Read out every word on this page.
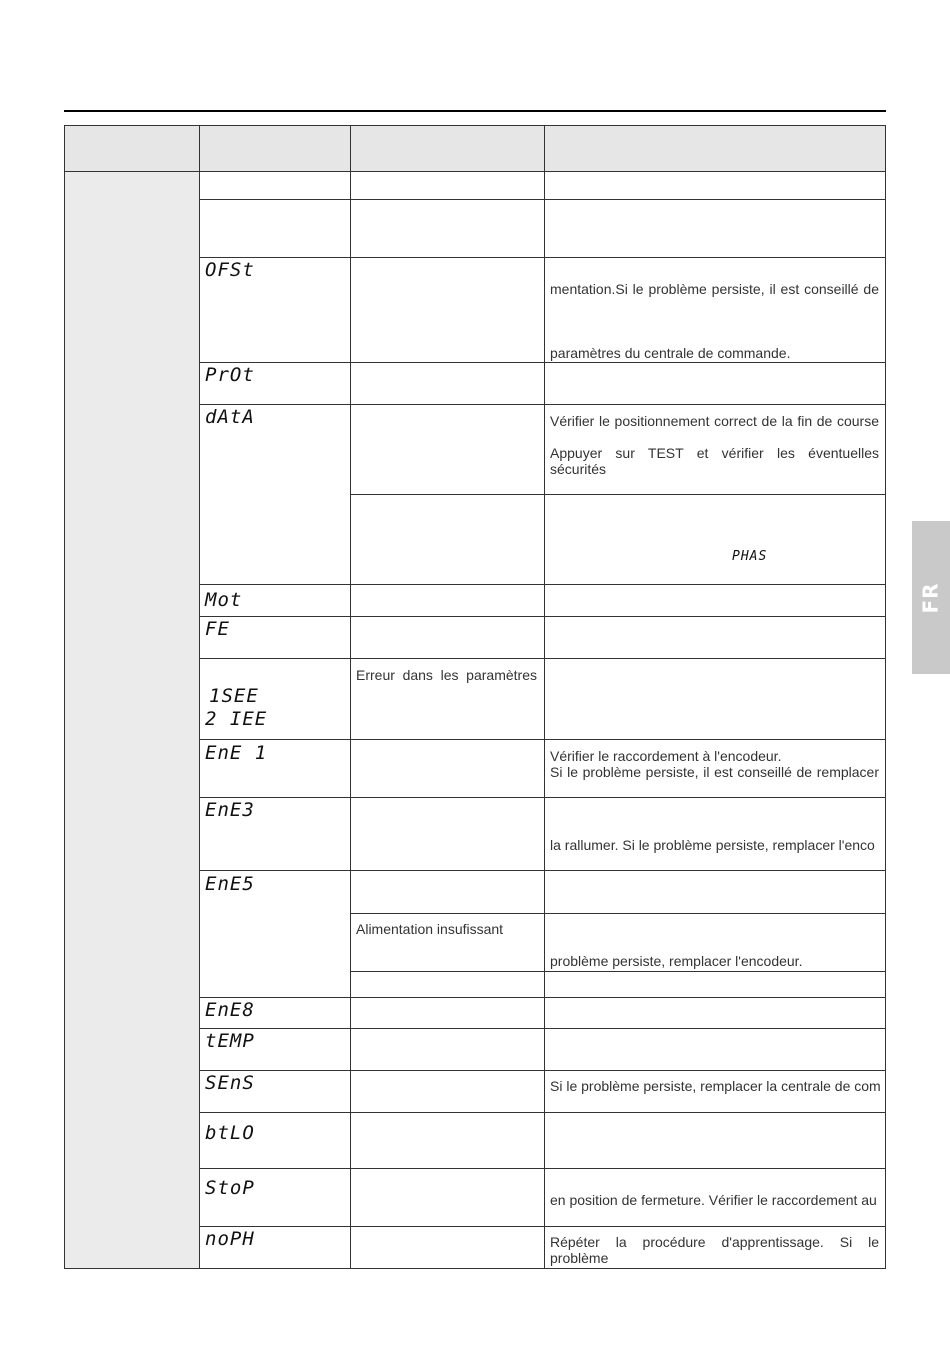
OFSt
PrOt
dAtA
Mot
FE
1SEE
2 IEE
EnE 1
EnE3
EnE5
EnE8
tEMP
SEnS
btLO
StoP
noPH
Erreur dans les paramètres
Alimentation insufissant
mentation.Si le problème persiste, il est conseillé de
paramètres du centrale de commande.
Vérifier le positionnement correct de la fin de course
Appuyer sur TEST et vérifier les éventuelles sécurités
PHAS
Vérifier le raccordement à l'encodeur.
Si le problème persiste, il est conseillé de remplacer
la rallumer. Si le problème persiste, remplacer l'enco
problème persiste, remplacer l'encodeur.
Si le problème persiste, remplacer la centrale de com
en position de fermeture. Vérifier le raccordement au
Répéter la procédure d'apprentissage. Si le problème
FR
